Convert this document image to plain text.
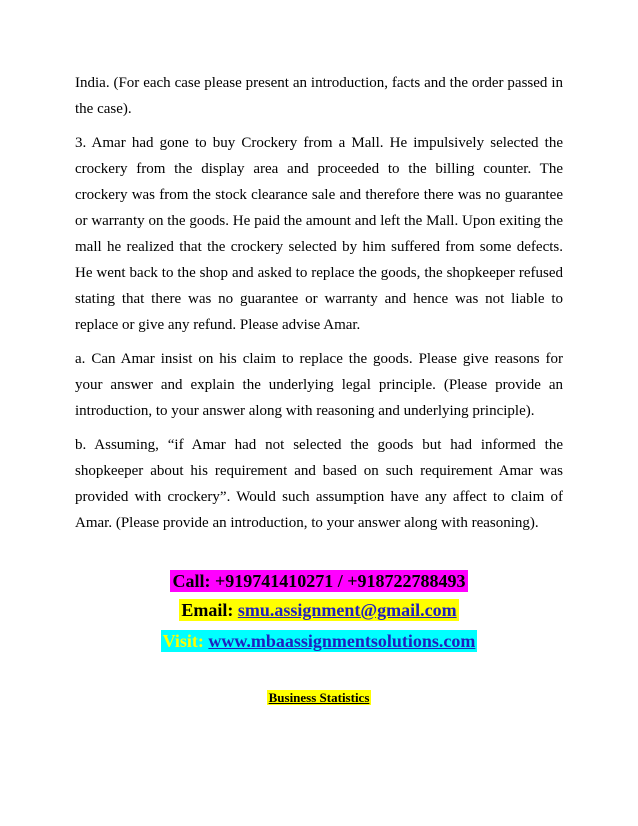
India. (For each case please present an introduction, facts and the order passed in the case).

3. Amar had gone to buy Crockery from a Mall. He impulsively selected the crockery from the display area and proceeded to the billing counter. The crockery was from the stock clearance sale and therefore there was no guarantee or warranty on the goods. He paid the amount and left the Mall. Upon exiting the mall he realized that the crockery selected by him suffered from some defects. He went back to the shop and asked to replace the goods, the shopkeeper refused stating that there was no guarantee or warranty and hence was not liable to replace or give any refund. Please advise Amar.

a. Can Amar insist on his claim to replace the goods. Please give reasons for your answer and explain the underlying legal principle. (Please provide an introduction, to your answer along with reasoning and underlying principle).

b. Assuming, “if Amar had not selected the goods but had informed the shopkeeper about his requirement and based on such requirement Amar was provided with crockery”. Would such assumption have any affect to claim of Amar. (Please provide an introduction, to your answer along with reasoning).

Call: +919741410271 / +918722788493
Email: smu.assignment@gmail.com
Visit: www.mbaassignmentsolutions.com
Business Statistics
